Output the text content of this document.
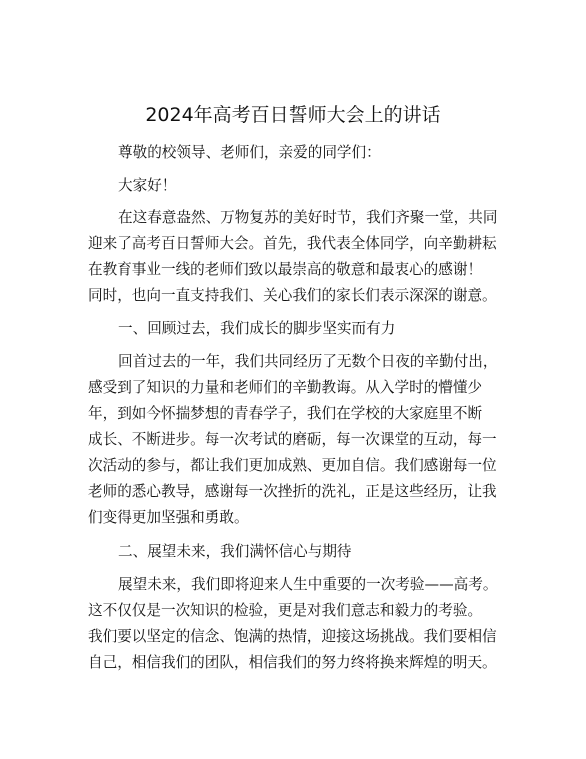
2024年高考百日誓师大会上的讲话

尊敬的校领导、老师们，亲爱的同学们：

大家好！

在这春意盎然、万物复苏的美好时节，我们齐聚一堂，共同

迎来了高考百日誓师大会。首先，我代表全体同学，向辛勤耕耘

在教育事业一线的老师们致以最崇高的敬意和最衷心的感谢！

同时，也向一直支持我们、关心我们的家长们表示深深的谢意。

一、回顾过去，我们成长的脚步坚实而有力

回首过去的一年，我们共同经历了无数个日夜的辛勤付出，

感受到了知识的力量和老师们的辛勤教诲。从入学时的懵懂少

年，到如今怀揣梦想的青春学子，我们在学校的大家庭里不断

成长、不断进步。每一次考试的磨砺，每一次课堂的互动，每一

次活动的参与，都让我们更加成熟、更加自信。我们感谢每一位

老师的悉心教导，感谢每一次挫折的洗礼，正是这些经历，让我

们变得更加坚强和勇敢。

二、展望未来，我们满怀信心与期待

展望未来，我们即将迎来人生中重要的一次考验——高考。

这不仅仅是一次知识的检验，更是对我们意志和毅力的考验。

我们要以坚定的信念、饱满的热情，迎接这场挑战。我们要相信

自己，相信我们的团队，相信我们的努力终将换来辉煌的明天。
